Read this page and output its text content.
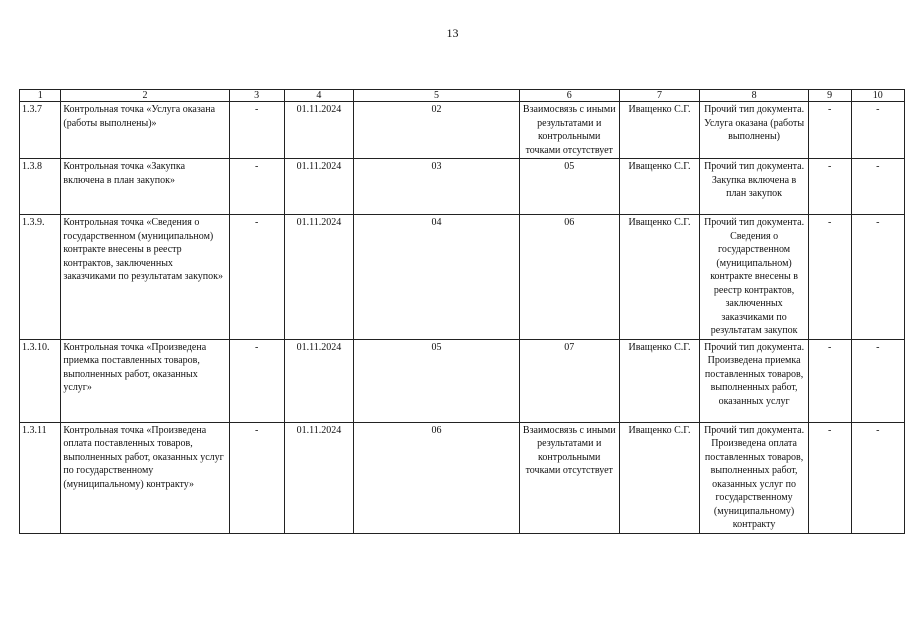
13
1	2	3	4	5	6	7	8	9	10
1.3.7	Контрольная точка «Услуга оказана (работы выполнены)»	-	01.11.2024	02	Взаимосвязь с иными результатами и контрольными точками отсутствует	Иващенко С.Г.	Прочий тип документа. Услуга оказана (работы выполнены)	-	-
1.3.8	Контрольная точка «Закупка включена в план закупок»	-	01.11.2024	03	05	Иващенко С.Г.	Прочий тип документа. Закупка включена в план закупок	-	-
1.3.9.	Контрольная точка «Сведения о государственном (муниципальном) контракте внесены в реестр контрактов, заключенных заказчиками по результатам закупок»	-	01.11.2024	04	06	Иващенко С.Г.	Прочий тип документа. Сведения о государственном (муниципальном) контракте внесены в реестр контрактов, заключенных заказчиками по результатам закупок	-	-
1.3.10.	Контрольная точка «Произведена приемка поставленных товаров, выполненных работ, оказанных услуг»	-	01.11.2024	05	07	Иващенко С.Г.	Прочий тип документа. Произведена приемка поставленных товаров, выполненных работ, оказанных услуг	-	-
1.3.11	Контрольная точка «Произведена оплата поставленных товаров, выполненных работ, оказанных услуг по государственному (муниципальному) контракту»	-	01.11.2024	06	Взаимосвязь с иными результатами и контрольными точками отсутствует	Иващенко С.Г.	Прочий тип документа. Произведена оплата поставленных товаров, выполненных работ, оказанных услуг по государственному (муниципальному) контракту	-	-
